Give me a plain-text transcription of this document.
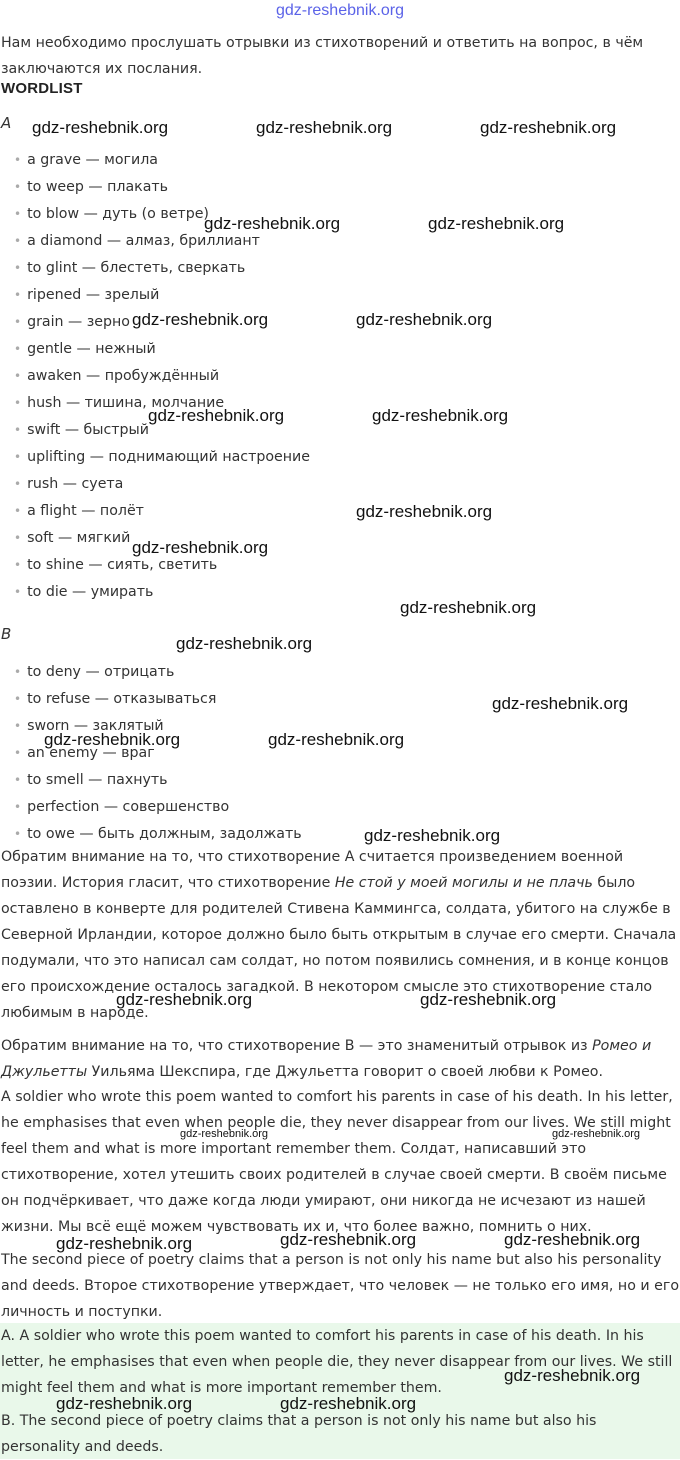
gdz-reshebnik.org

Нам необходимо прослушать отрывки из стихотворений и ответить на вопрос, в чём заключаются их послания.

WORDLIST
A
• a grave — могила
• to weep — плакать
• to blow — дуть (о ветре)
• a diamond — алмаз, бриллиант
• to glint — блестеть, сверкать
• ripened — зрелый
• grain — зерно
• gentle — нежный
• awaken — пробуждённый
• hush — тишина, молчание
• swift — быстрый
• uplifting — поднимающий настроение
• rush — суета
• a flight — полёт
• soft — мягкий
• to shine — сиять, светить
• to die — умирать
B
• to deny — отрицать
• to refuse — отказываться
• sworn — заклятый
• an enemy — враг
• to smell — пахнуть
• perfection — совершенство
• to owe — быть должным, задолжать

Обратим внимание на то, что стихотворение A считается произведением военной поэзии. История гласит, что стихотворение Не стой у моей могилы и не плачь было оставлено в конверте для родителей Стивена Каммингса, солдата, убитого на службе в Северной Ирландии, которое должно было быть открытым в случае его смерти. Сначала подумали, что это написал сам солдат, но потом появились сомнения, и в конце концов его происхождение осталось загадкой. В некотором смысле это стихотворение стало любимым в народе.

Обратим внимание на то, что стихотворение B — это знаменитый отрывок из Ромео и Джульетты Уильяма Шекспира, где Джульетта говорит о своей любви к Ромео.

A soldier who wrote this poem wanted to comfort his parents in case of his death. In his letter, he emphasises that even when people die, they never disappear from our lives. We still might feel them and what is more important remember them. Солдат, написавший это стихотворение, хотел утешить своих родителей в случае своей смерти. В своём письме он подчёркивает, что даже когда люди умирают, они никогда не исчезают из нашей жизни. Мы всё ещё можем чувствовать их и, что более важно, помнить о них.

The second piece of poetry claims that a person is not only his name but also his personality and deeds. Второе стихотворение утверждает, что человек — не только его имя, но и его личность и поступки.

A. A soldier who wrote this poem wanted to comfort his parents in case of his death. In his letter, he emphasises that even when people die, they never disappear from our lives. We still might feel them and what is more important remember them.

B. The second piece of poetry claims that a person is not only his name but also his personality and deeds.

gdz-reshebnik.org	gdz-reshebnik.org	gdz-reshebnik.org
gdz-reshebnik.org	gdz-reshebnik.org
gdz-reshebnik.org	gdz-reshebnik.org
gdz-reshebnik.org	gdz-reshebnik.org
gdz-reshebnik.org
gdz-reshebnik.org
gdz-reshebnik.org
gdz-reshebnik.org
gdz-reshebnik.org
gdz-reshebnik.org	gdz-reshebnik.org
gdz-reshebnik.org
gdz-reshebnik.org	gdz-reshebnik.org
gdz-reshebnik.org	gdz-reshebnik.org
gdz-reshebnik.org	gdz-reshebnik.org	gdz-reshebnik.org
gdz-reshebnik.org
gdz-reshebnik.org	gdz-reshebnik.org
